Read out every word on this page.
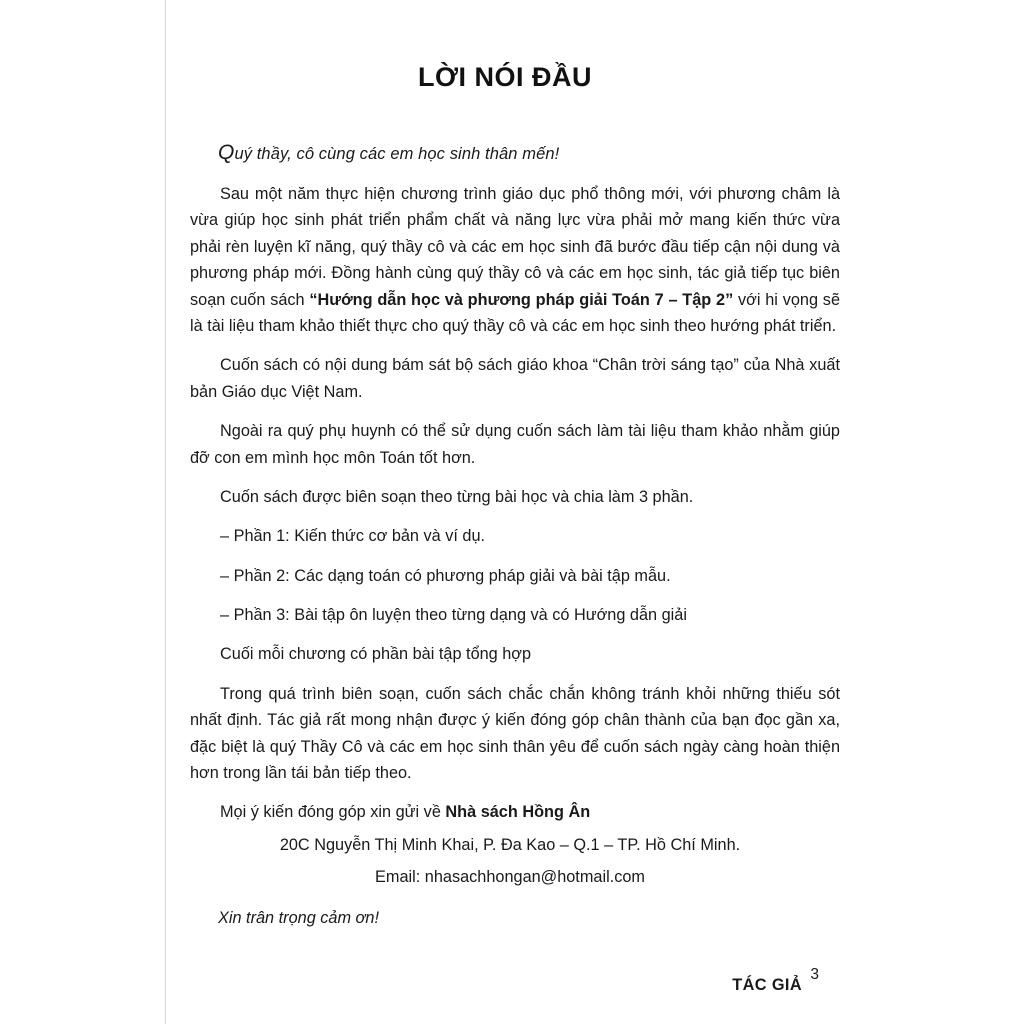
LỜI NÓI ĐẦU
Quý thầy, cô cùng các em học sinh thân mến!

Sau một năm thực hiện chương trình giáo dục phổ thông mới, với phương châm là vừa giúp học sinh phát triển phẩm chất và năng lực vừa phải mở mang kiến thức vừa phải rèn luyện kĩ năng, quý thầy cô và các em học sinh đã bước đầu tiếp cận nội dung và phương pháp mới. Đồng hành cùng quý thầy cô và các em học sinh, tác giả tiếp tục biên soạn cuốn sách “Hướng dẫn học và phương pháp giải Toán 7 – Tập 2” với hi vọng sẽ là tài liệu tham khảo thiết thực cho quý thầy cô và các em học sinh theo hướng phát triển.

Cuốn sách có nội dung bám sát bộ sách giáo khoa “Chân trời sáng tạo” của Nhà xuất bản Giáo dục Việt Nam.

Ngoài ra quý phụ huynh có thể sử dụng cuốn sách làm tài liệu tham khảo nhằm giúp đỡ con em mình học môn Toán tốt hơn.

Cuốn sách được biên soạn theo từng bài học và chia làm 3 phần.

– Phần 1: Kiến thức cơ bản và ví dụ.

– Phần 2: Các dạng toán có phương pháp giải và bài tập mẫu.

– Phần 3: Bài tập ôn luyện theo từng dạng và có Hướng dẫn giải

Cuối mỗi chương có phần bài tập tổng hợp

Trong quá trình biên soạn, cuốn sách chắc chắn không tránh khỏi những thiếu sót nhất định. Tác giả rất mong nhận được ý kiến đóng góp chân thành của bạn đọc gần xa, đặc biệt là quý Thầy Cô và các em học sinh thân yêu để cuốn sách ngày càng hoàn thiện hơn trong lần tái bản tiếp theo.

Mọi ý kiến đóng góp xin gửi về Nhà sách Hồng Ân

20C Nguyễn Thị Minh Khai, P. Đa Kao – Q.1 – TP. Hồ Chí Minh.

Email: nhasachhongan@hotmail.com

Xin trân trọng cảm ơn!

TÁC GIẢ

3
